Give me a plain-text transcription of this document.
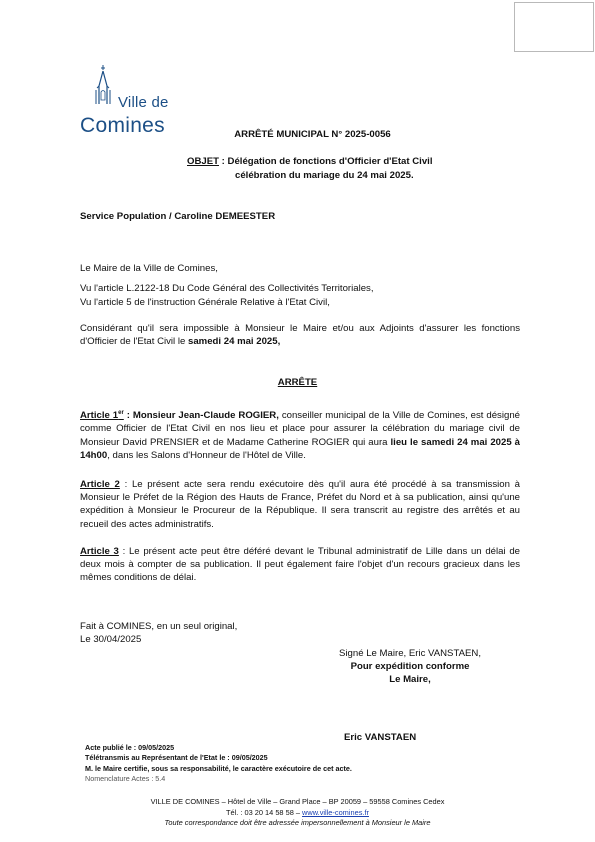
Ville de
Comines	ARRÊTÉ MUNICIPAL N° 2025-0056
OBJET : Délégation de fonctions d'Officier d'Etat Civil
célébration du mariage du 24 mai 2025.
Service Population / Caroline DEMEESTER
Le Maire de la Ville de Comines,
Vu l'article L.2122-18 Du Code Général des Collectivités Territoriales,
Vu l'article 5 de l'instruction Générale Relative à l'Etat Civil,
Considérant qu'il sera impossible à Monsieur le Maire et/ou aux Adjoints d'assurer les fonctions d'Officier de l'Etat Civil le samedi 24 mai 2025,
ARRÊTE
Article 1er : Monsieur Jean-Claude ROGIER, conseiller municipal de la Ville de Comines, est désigné comme Officier de l'Etat Civil en nos lieu et place pour assurer la célébration du mariage civil de Monsieur David PRENSIER et de Madame Catherine ROGIER qui aura lieu le samedi 24 mai 2025 à 14h00, dans les Salons d'Honneur de l'Hôtel de Ville.
Article 2 : Le présent acte sera rendu exécutoire dès qu'il aura été procédé à sa transmission à Monsieur le Préfet de la Région des Hauts de France, Préfet du Nord et à sa publication, ainsi qu'une expédition à Monsieur le Procureur de la République. Il sera transcrit au registre des arrêtés et au recueil des actes administratifs.
Article 3 : Le présent acte peut être déféré devant le Tribunal administratif de Lille dans un délai de deux mois à compter de sa publication. Il peut également faire l'objet d'un recours gracieux dans les mêmes conditions de délai.
Fait à COMINES, en un seul original,
Le 30/04/2025
Signé Le Maire, Eric VANSTAEN,
Pour expédition conforme
Le Maire,
Eric VANSTAEN
Acte publié le : 09/05/2025
Télétransmis au Représentant de l'Etat le : 09/05/2025
M. le Maire certifie, sous sa responsabilité, le caractère exécutoire de cet acte.
Nomenclature Actes : 5.4
VILLE DE COMINES – Hôtel de Ville – Grand Place – BP 20059 – 59558 Comines Cedex
Tél. : 03 20 14 58 58 – www.ville-comines.fr
Toute correspondance doit être adressée impersonnellement à Monsieur le Maire
